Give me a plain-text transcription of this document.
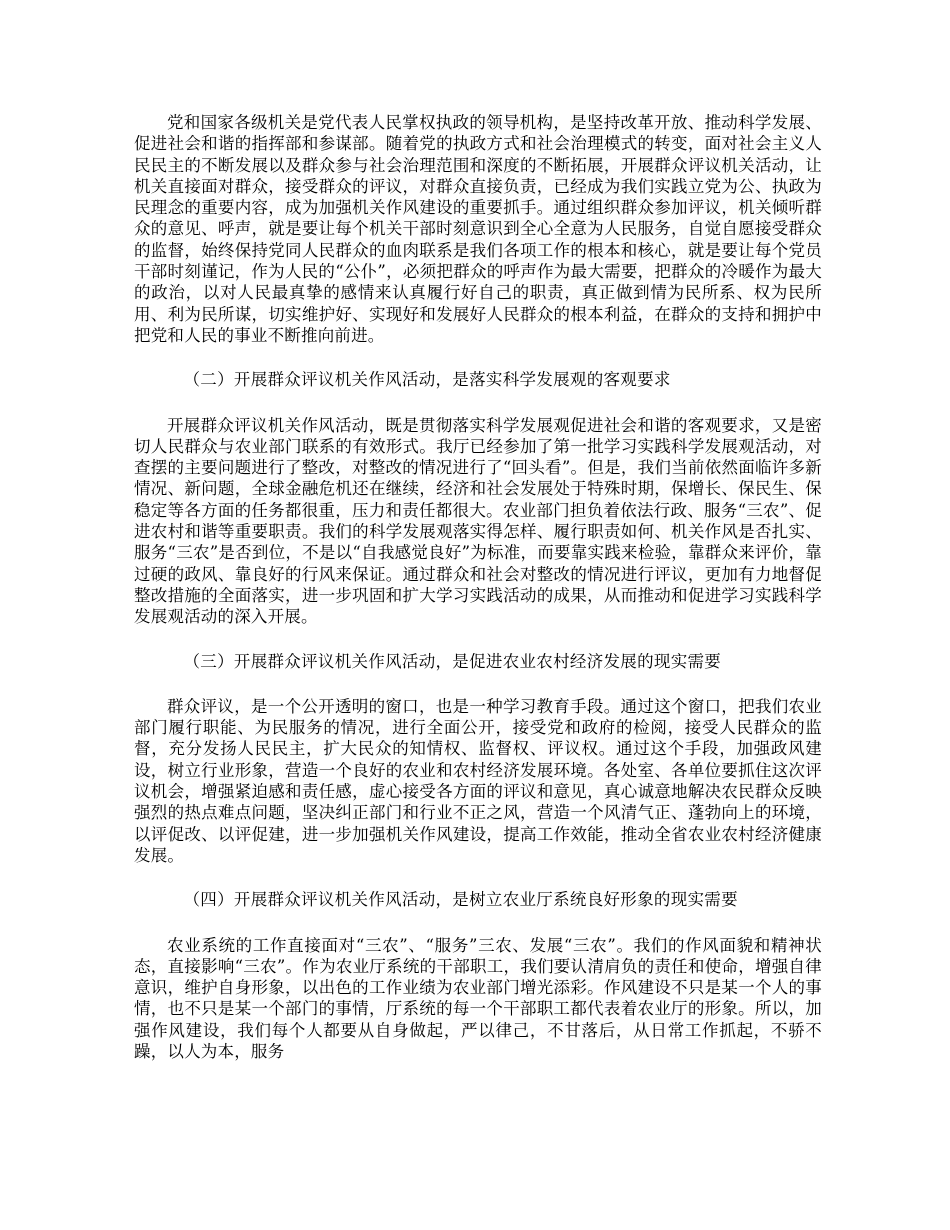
党和国家各级机关是党代表人民掌权执政的领导机构，是坚持改革开放、推动科学发展、促进社会和谐的指挥部和参谋部。随着党的执政方式和社会治理模式的转变，面对社会主义人民民主的不断发展以及群众参与社会治理范围和深度的不断拓展，开展群众评议机关活动，让机关直接面对群众，接受群众的评议，对群众直接负责，已经成为我们实践立党为公、执政为民理念的重要内容，成为加强机关作风建设的重要抓手。通过组织群众参加评议，机关倾听群众的意见、呼声，就是要让每个机关干部时刻意识到全心全意为人民服务，自觉自愿接受群众的监督，始终保持党同人民群众的血肉联系是我们各项工作的根本和核心，就是要让每个党员干部时刻谨记，作为人民的“公仆”，必须把群众的呼声作为最大需要，把群众的冷暖作为最大的政治，以对人民最真挚的感情来认真履行好自己的职责，真正做到情为民所系、权为民所用、利为民所谋，切实维护好、实现好和发展好人民群众的根本利益，在群众的支持和拥护中把党和人民的事业不断推向前进。

（二）开展群众评议机关作风活动，是落实科学发展观的客观要求

开展群众评议机关作风活动，既是贯彻落实科学发展观促进社会和谐的客观要求，又是密切人民群众与农业部门联系的有效形式。我厅已经参加了第一批学习实践科学发展观活动，对查摆的主要问题进行了整改，对整改的情况进行了“回头看”。但是，我们当前依然面临许多新情况、新问题，全球金融危机还在继续，经济和社会发展处于特殊时期，保增长、保民生、保稳定等各方面的任务都很重，压力和责任都很大。农业部门担负着依法行政、服务“三农”、促进农村和谐等重要职责。我们的科学发展观落实得怎样、履行职责如何、机关作风是否扎实、服务“三农”是否到位，不是以“自我感觉良好”为标准，而要靠实践来检验，靠群众来评价，靠过硬的政风、靠良好的行风来保证。通过群众和社会对整改的情况进行评议，更加有力地督促整改措施的全面落实，进一步巩固和扩大学习实践活动的成果，从而推动和促进学习实践科学发展观活动的深入开展。

（三）开展群众评议机关作风活动，是促进农业农村经济发展的现实需要

群众评议，是一个公开透明的窗口，也是一种学习教育手段。通过这个窗口，把我们农业部门履行职能、为民服务的情况，进行全面公开，接受党和政府的检阅，接受人民群众的监督，充分发扬人民民主，扩大民众的知情权、监督权、评议权。通过这个手段，加强政风建设，树立行业形象，营造一个良好的农业和农村经济发展环境。各处室、各单位要抓住这次评议机会，增强紧迫感和责任感，虚心接受各方面的评议和意见，真心诚意地解决农民群众反映强烈的热点难点问题，坚决纠正部门和行业不正之风，营造一个风清气正、蓬勃向上的环境，以评促改、以评促建，进一步加强机关作风建设，提高工作效能，推动全省农业农村经济健康发展。

（四）开展群众评议机关作风活动，是树立农业厅系统良好形象的现实需要

农业系统的工作直接面对“三农”、“服务”三农、发展“三农”。我们的作风面貌和精神状态，直接影响“三农”。作为农业厅系统的干部职工，我们要认清肩负的责任和使命，增强自律意识，维护自身形象，以出色的工作业绩为农业部门增光添彩。作风建设不只是某一个人的事情，也不只是某一个部门的事情，厅系统的每一个干部职工都代表着农业厅的形象。所以，加强作风建设，我们每个人都要从自身做起，严以律己，不甘落后，从日常工作抓起，不骄不躁，以人为本，服务
